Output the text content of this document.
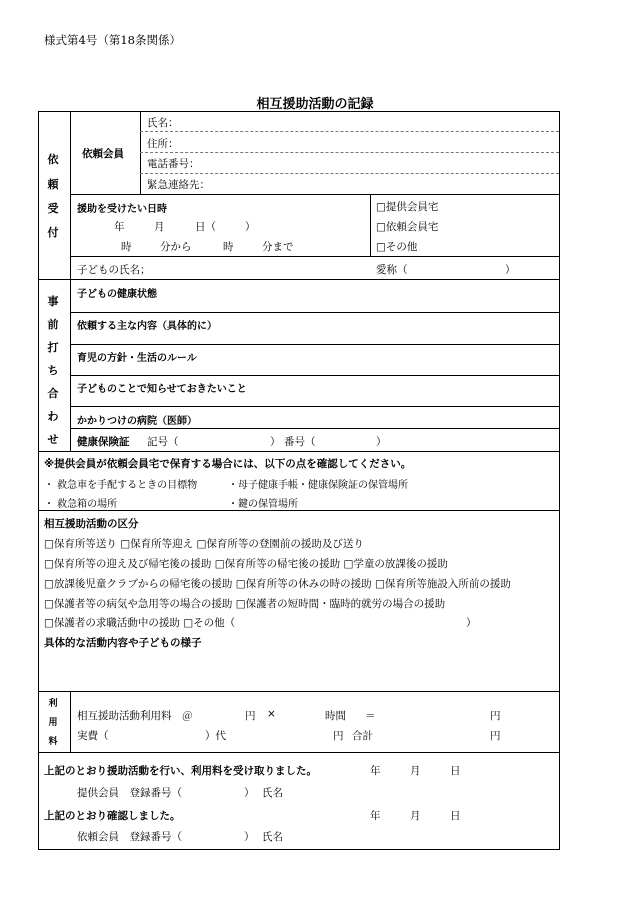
様式第4号（第18条関係）
相互援助活動の記録
依
頼
受
付
依頼会員
氏名：
住所：
電話番号：
緊急連絡先：
援助を受けたい日時
年	月	日（	）
時	分から	時	分まで
□提供会員宅
□依頼会員宅
□その他
子どもの氏名；	愛称（	）
事
前
打
ち
合
わ
せ
子どもの健康状態
依頼する主な内容（具体的に）
育児の方針・生活のルール
子どものことで知らせておきたいこと
かかりつけの病院（医師）
健康保険証 記号（	） 番号（	）
※提供会員が依頼会員宅で保育する場合には、以下の点を確認してください。
・ 救急車を手配するときの目標物	・母子健康手帳・健康保険証の保管場所
・ 救急箱の場所	・鍵の保管場所
相互援助活動の区分
□保育所等送り □保育所等迎え □保育所等の登園前の援助及び送り
□保育所等の迎え及び帰宅後の援助 □保育所等の帰宅後の援助 □学童の放課後の援助
□放課後児童クラブからの帰宅後の援助 □保育所等の休みの時の援助 □保育所等施設入所前の援助
□保護者等の病気や急用等の場合の援助 □保護者の短時間・臨時的就労の場合の援助
□保護者の求職活動中の援助 □その他（	）
具体的な活動内容や子どもの様子
利
用
料
相互援助活動利用料　＠	円 ×	時間 ＝	円
実費（	）代	円 合計	円
上記のとおり援助活動を行い、利用料を受け取りました。	年	月	日
提供会員　登録番号（	） 氏名
上記のとおり確認しました。	年	月	日
依頼会員　登録番号（	） 氏名
